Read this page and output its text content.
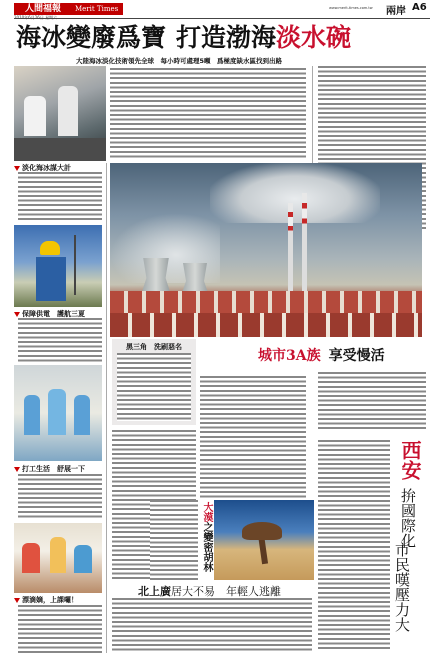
人間福報	Merit Times	www.merit-times.com.tw 兩岸 A6
海冰變廢爲寶 打造渤海淡水碗
大陸海冰淡化技術領先全球　每小時可處理5噸　爲極度缺水區找到出路
淡化海冰謀大計
保障供電　護航三夏
打工生活　舒展一下
漂滴嫡，上課囉！
黑三角　洗刷惡名
城市3A族 享受慢活
西安
拚國際化
市民嘆壓力大
大漠之變密胡林
北上廣居大不易　年輕人逃離
